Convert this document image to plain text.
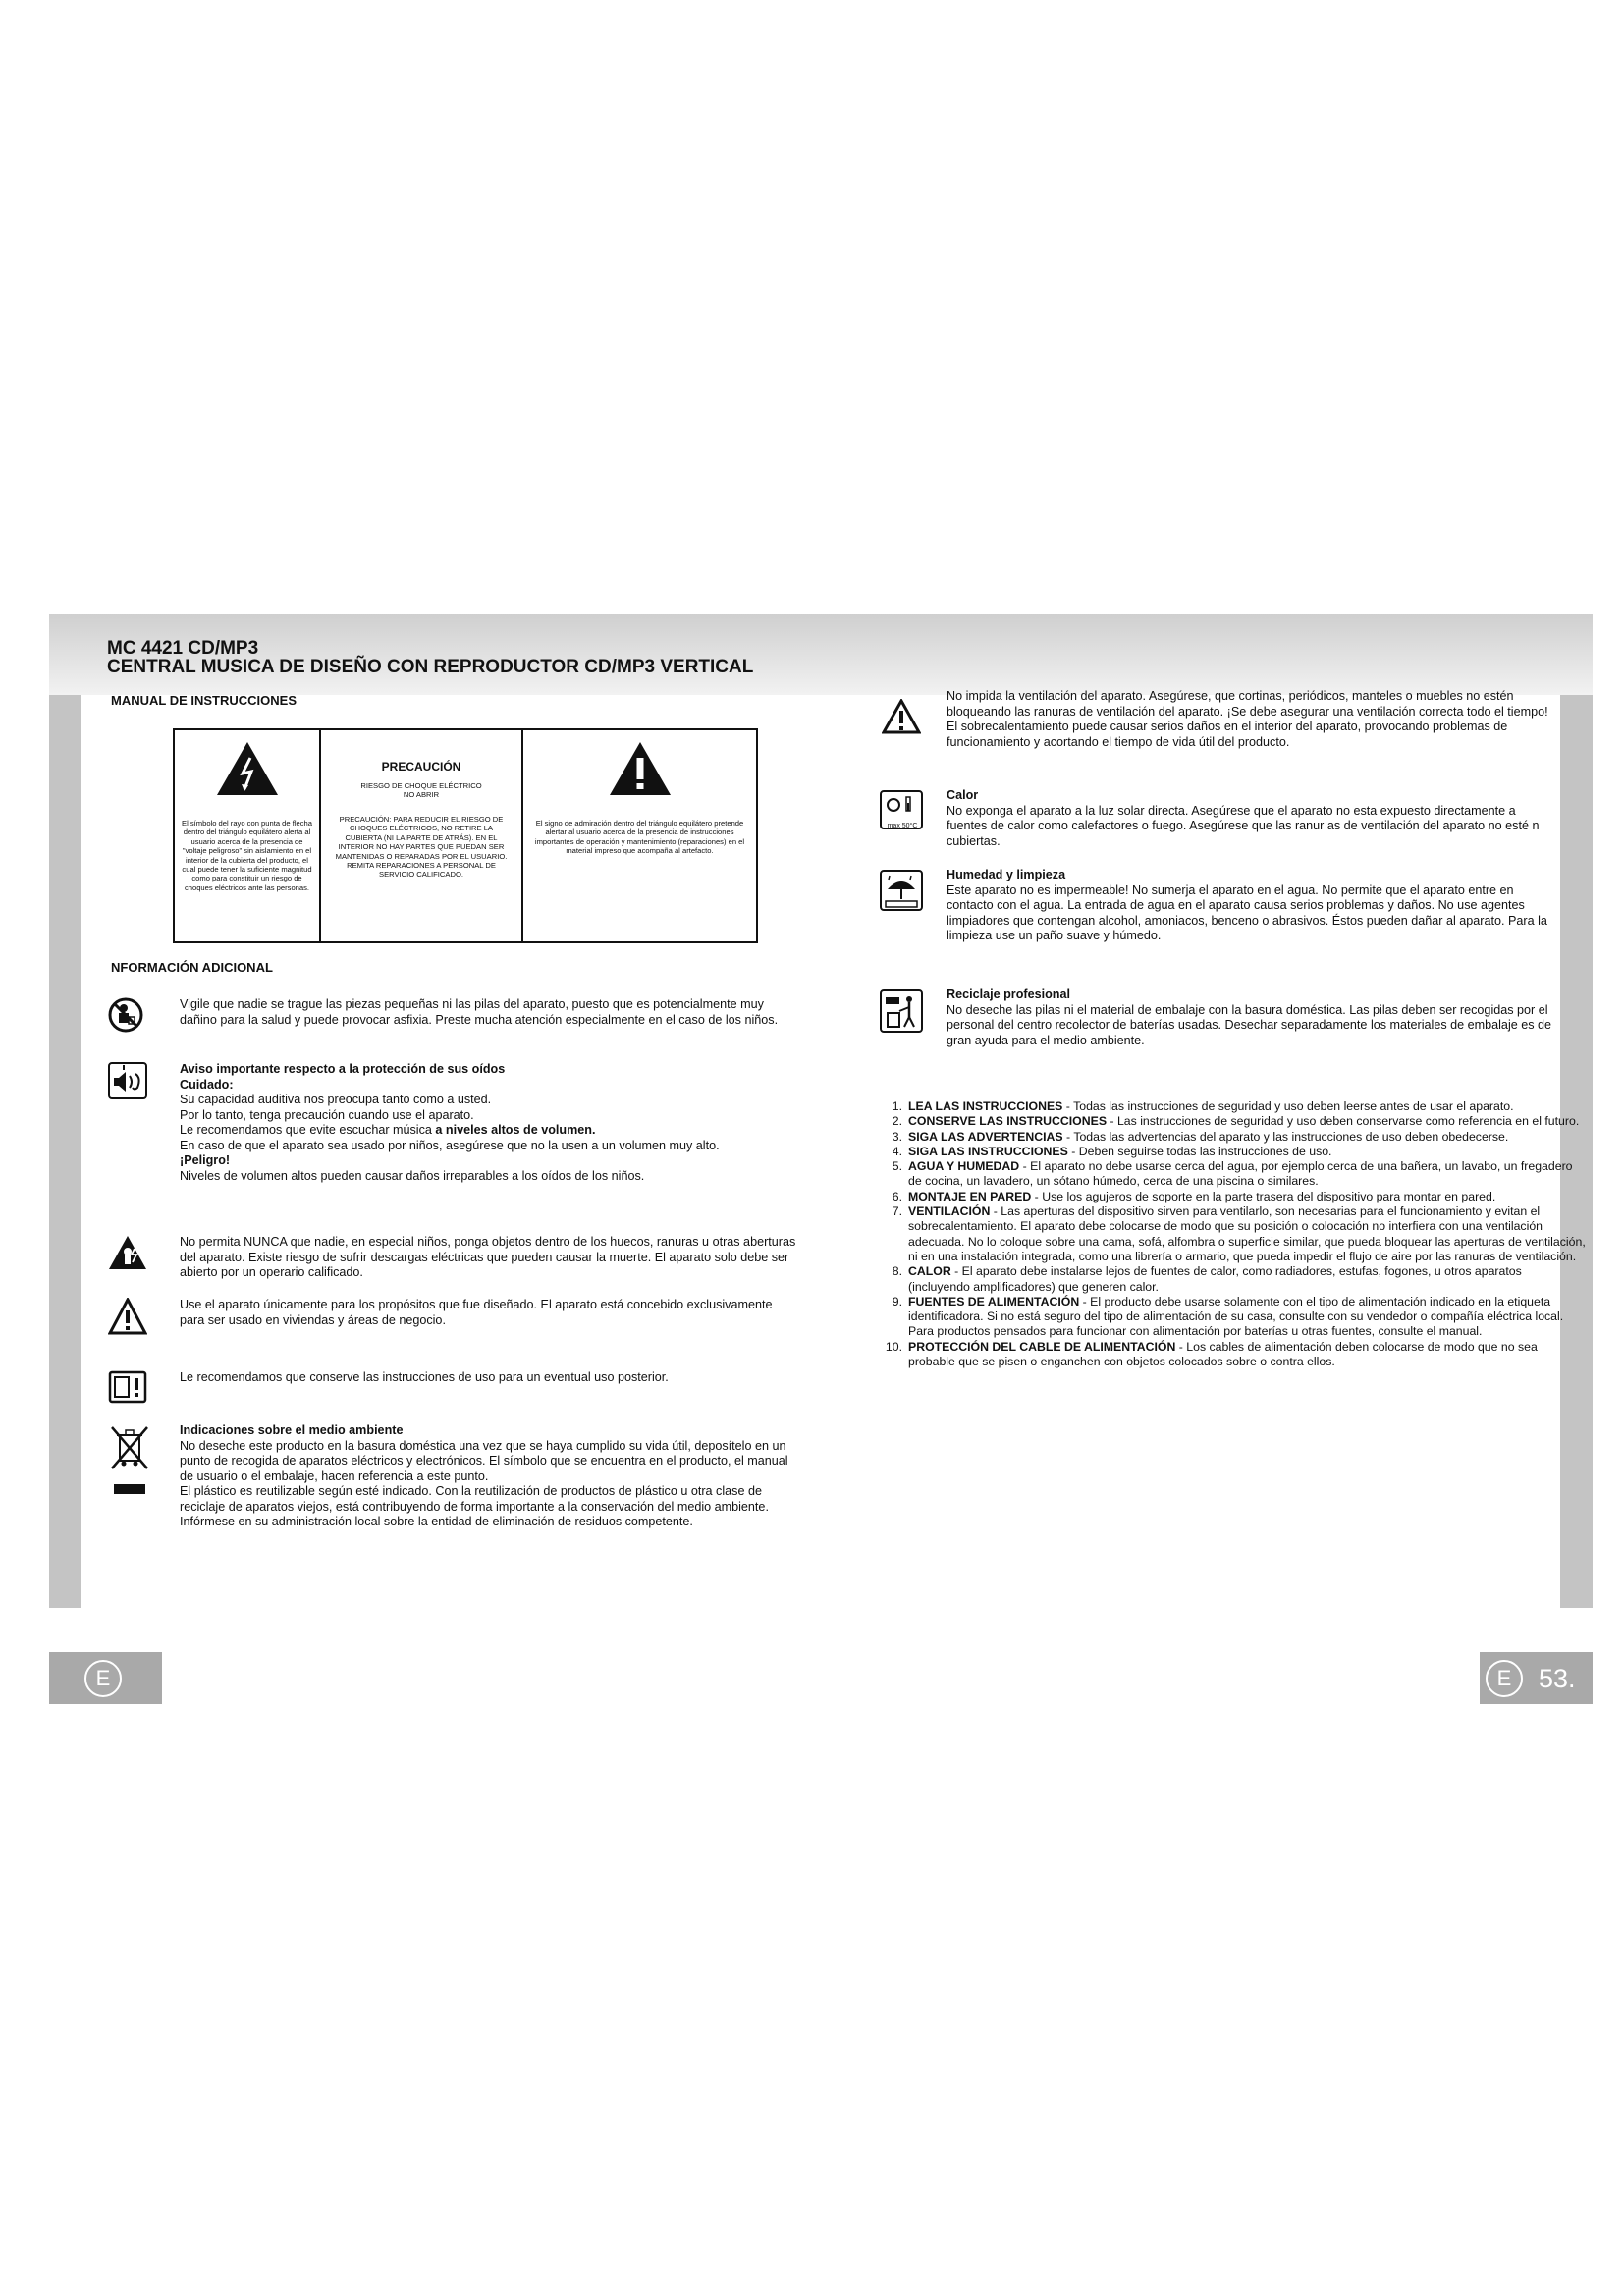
MC 4421 CD/MP3
CENTRAL MUSICA DE DISEÑO CON REPRODUCTOR CD/MP3 VERTICAL
MANUAL DE INSTRUCCIONES
El símbolo del rayo con punta de flecha dentro del triángulo equilátero alerta al usuario acerca de la presencia de "voltaje peligroso" sin aislamiento en el interior de la cubierta del producto, el cual puede tener la suficiente magnitud como para constituir un riesgo de choques eléctricos ante las personas.
PRECAUCIÓN
RIESGO DE CHOQUE ELÉCTRICO NO ABRIR
PRECAUCIÓN: PARA REDUCIR EL RIESGO DE CHOQUES ELÉCTRICOS, NO RETIRE LA CUBIERTA (NI LA PARTE DE ATRÁS). EN EL INTERIOR NO HAY PARTES QUE PUEDAN SER MANTENIDAS O REPARADAS POR EL USUARIO. REMITA REPARACIONES A PERSONAL DE SERVICIO CALIFICADO.
El signo de admiración dentro del triángulo equilátero pretende alertar al usuario acerca de la presencia de instrucciones importantes de operación y mantenimiento (reparaciones) en el material impreso que acompaña al artefacto.
NFORMACIÓN ADICIONAL
Vigile que nadie se trague las piezas pequeñas ni las pilas del aparato, puesto que es potencialmente muy dañino para la salud y puede provocar asfixia. Preste mucha atención especialmente en el caso de los niños.

Aviso importante respecto a la protección de sus oídos

Cuidado:

Su capacidad auditiva nos preocupa tanto como a usted.

Por lo tanto, tenga precaución cuando use el aparato.

Le recomendamos que evite escuchar música a niveles altos de volumen.

En caso de que el aparato sea usado por niños, asegúrese que no la usen a un volumen muy alto.

¡Peligro!

Niveles de volumen altos pueden causar daños irreparables a los oídos de los niños.

No permita NUNCA que nadie, en especial niños, ponga objetos dentro de los huecos, ranuras u otras aberturas del aparato. Existe riesgo de sufrir descargas eléctricas que pueden causar la muerte. El aparato solo debe ser abierto por un operario calificado.
Use el aparato únicamente para los propósitos que fue diseñado. El aparato está concebido exclusivamente para ser usado en viviendas y áreas de negocio.
Le recomendamos que conserve las instrucciones de uso para un eventual uso posterior.

Indicaciones sobre el medio ambiente

No deseche este producto en la basura doméstica una vez que se haya cumplido su vida útil, deposítelo en un punto de recogida de aparatos eléctricos y electrónicos. El símbolo que se encuentra en el producto, el manual de usuario o el embalaje, hacen referencia a este punto.

El plástico es reutilizable según esté indicado. Con la reutilización de productos de plástico u otra clase de reciclaje de aparatos viejos, está contribuyendo de forma importante a la conservación del medio ambiente.

Infórmese en su administración local sobre la entidad de eliminación de residuos competente.

No impida la ventilación del aparato. Asegúrese, que cortinas, periódicos, manteles o muebles no estén bloqueando las ranuras de ventilación del aparato. ¡Se debe asegurar una ventilación correcta todo el tiempo! El sobrecalentamiento puede causar serios daños en el interior del aparato, provocando problemas de funcionamiento y acortando el tiempo de vida útil del producto.
max 50°C

Calor

No exponga el aparato a la luz solar directa. Asegúrese que el aparato no esta expuesto directamente a fuentes de calor como calefactores o fuego. Asegúrese que las ranur as de ventilación del aparato no esté n cubiertas.

Humedad y limpieza

Este aparato no es impermeable! No sumerja el aparato en el agua. No permite que el aparato entre en contacto con el agua. La entrada de agua en el aparato causa serios problemas y daños. No use agentes limpiadores que contengan alcohol, amoniacos, benceno o abrasivos. Éstos pueden dañar al aparato. Para la limpieza use un paño suave y húmedo.

Reciclaje profesional

No deseche las pilas ni el material de embalaje con la basura doméstica. Las pilas deben ser recogidas por el personal del centro recolector de baterías usadas. Desechar separadamente los materiales de embalaje es de gran ayuda para el medio ambiente.

1. LEA LAS INSTRUCCIONES - Todas las instrucciones de seguridad y uso deben leerse antes de usar el aparato.
2. CONSERVE LAS INSTRUCCIONES - Las instrucciones de seguridad y uso deben conservarse como referencia en el futuro.
3. SIGA LAS ADVERTENCIAS - Todas las advertencias del aparato y las instrucciones de uso deben obedecerse.
4. SIGA LAS INSTRUCCIONES - Deben seguirse todas las instrucciones de uso.
5. AGUA Y HUMEDAD - El aparato no debe usarse cerca del agua, por ejemplo cerca de una bañera, un lavabo, un fregadero de cocina, un lavadero, un sótano húmedo, cerca de una piscina o similares.
6. MONTAJE EN PARED - Use los agujeros de soporte en la parte trasera del dispositivo para montar en pared.
7. VENTILACIÓN - Las aperturas del dispositivo sirven para ventilarlo, son necesarias para el funcionamiento y evitan el sobrecalentamiento. El aparato debe colocarse de modo que su posición o colocación no interfiera con una ventilación adecuada. No lo coloque sobre una cama, sofá, alfombra o superficie similar, que pueda bloquear las aperturas de ventilación, ni en una instalación integrada, como una librería o armario, que pueda impedir el flujo de aire por las ranuras de ventilación.
8. CALOR - El aparato debe instalarse lejos de fuentes de calor, como radiadores, estufas, fogones, u otros aparatos (incluyendo amplificadores) que generen calor.
9. FUENTES DE ALIMENTACIÓN - El producto debe usarse solamente con el tipo de alimentación indicado en la etiqueta identificadora. Si no está seguro del tipo de alimentación de su casa, consulte con su vendedor o compañía eléctrica local. Para productos pensados para funcionar con alimentación por baterías u otras fuentes, consulte el manual.
10. PROTECCIÓN DEL CABLE DE ALIMENTACIÓN - Los cables de alimentación deben colocarse de modo que no sea probable que se pisen o enganchen con objetos colocados sobre o contra ellos.
E	E	53. 5
